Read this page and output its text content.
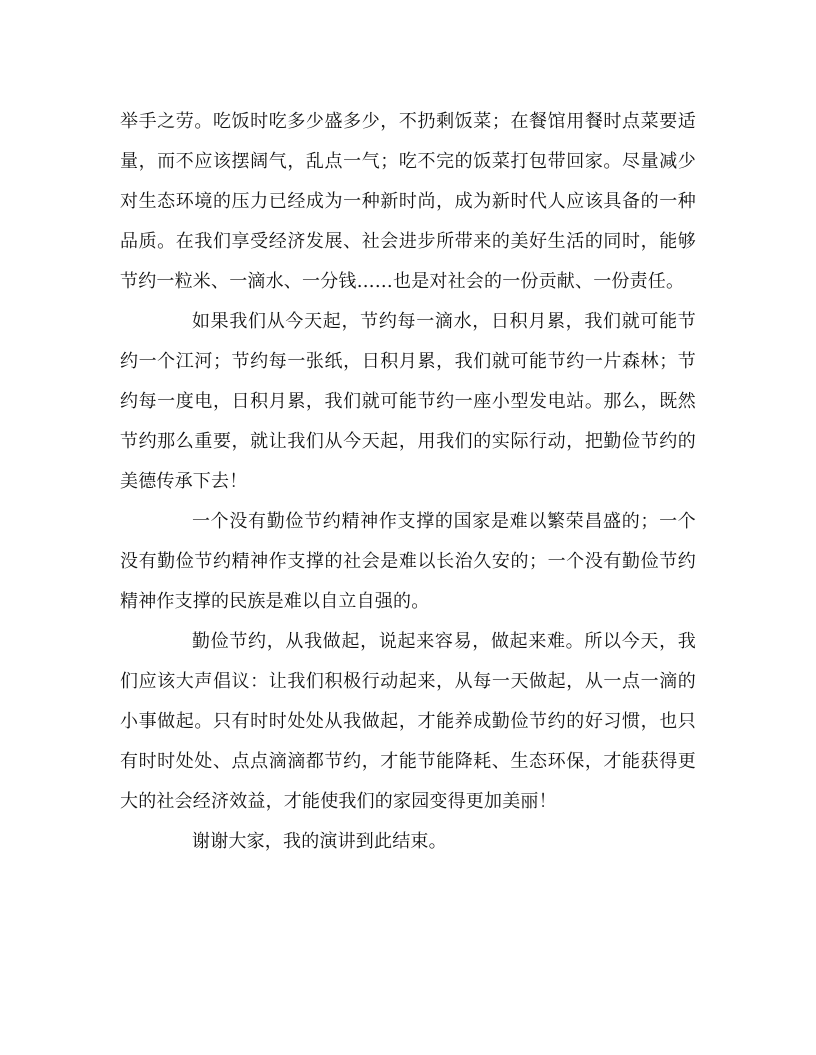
举手之劳。吃饭时吃多少盛多少，不扔剩饭菜；在餐馆用餐时点菜要适量，而不应该摆阔气，乱点一气；吃不完的饭菜打包带回家。尽量减少对生态环境的压力已经成为一种新时尚，成为新时代人应该具备的一种品质。在我们享受经济发展、社会进步所带来的美好生活的同时，能够节约一粒米、一滴水、一分钱……也是对社会的一份贡献、一份责任。

如果我们从今天起，节约每一滴水，日积月累，我们就可能节约一个江河；节约每一张纸，日积月累，我们就可能节约一片森林；节约每一度电，日积月累，我们就可能节约一座小型发电站。那么，既然节约那么重要，就让我们从今天起，用我们的实际行动，把勤俭节约的美德传承下去！

一个没有勤俭节约精神作支撑的国家是难以繁荣昌盛的；一个没有勤俭节约精神作支撑的社会是难以长治久安的；一个没有勤俭节约精神作支撑的民族是难以自立自强的。

勤俭节约，从我做起，说起来容易，做起来难。所以今天，我们应该大声倡议：让我们积极行动起来，从每一天做起，从一点一滴的小事做起。只有时时处处从我做起，才能养成勤俭节约的好习惯，也只有时时处处、点点滴滴都节约，才能节能降耗、生态环保，才能获得更大的社会经济效益，才能使我们的家园变得更加美丽！

谢谢大家，我的演讲到此结束。
